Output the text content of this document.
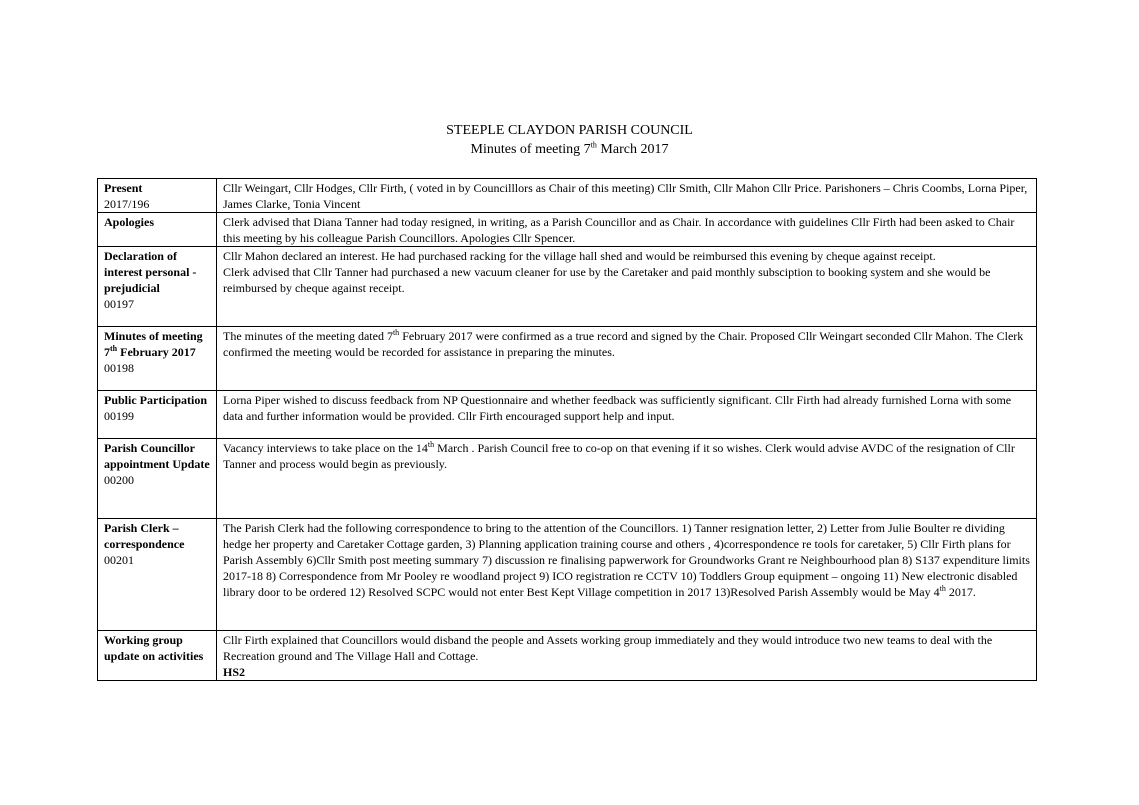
STEEPLE CLAYDON PARISH COUNCIL
Minutes of meeting 7th March 2017
Present
2017/196	Cllr Weingart, Cllr Hodges, Cllr Firth, ( voted in by Councilllors as Chair of this meeting) Cllr Smith, Cllr Mahon Cllr Price. Parishoners – Chris Coombs, Lorna Piper, James Clarke, Tonia Vincent

Apologies	Clerk advised that Diana Tanner had today resigned, in writing, as a Parish Councillor and as Chair. In accordance with guidelines Cllr Firth had been asked to Chair this meeting by his colleague Parish Councillors. Apologies Cllr Spencer.

Declaration of interest personal - prejudicial
00197	Cllr Mahon declared an interest. He had purchased racking for the village hall shed and would be reimbursed this evening by cheque against receipt.
Clerk advised that Cllr Tanner had purchased a new vacuum cleaner for use by the Caretaker and paid monthly subsciption to booking system and she would be reimbursed by cheque against receipt.

Minutes of meeting 7th February 2017
00198	The minutes of the meeting dated 7th February 2017 were confirmed as a true record and signed by the Chair. Proposed Cllr Weingart seconded Cllr Mahon. The Clerk confirmed the meeting would be recorded for assistance in preparing the minutes.

Public Participation
00199	Lorna Piper wished to discuss feedback from NP Questionnaire and whether feedback was sufficiently significant. Cllr Firth had already furnished Lorna with some data and further information would be provided. Cllr Firth encouraged support help and input.

Parish Councillor appointment Update
00200	Vacancy interviews to take place on the 14th March . Parish Council free to co-op on that evening if it so wishes. Clerk would advise AVDC of the resignation of Cllr Tanner and process would begin as previously.

Parish Clerk – correspondence
00201	The Parish Clerk had the following correspondence to bring to the attention of the Councillors. 1) Tanner resignation letter, 2) Letter from Julie Boulter re dividing hedge her property and Caretaker Cottage garden, 3) Planning application training course and others , 4)correspondence re tools for caretaker, 5) Cllr Firth plans for Parish Assembly 6)Cllr Smith post meeting summary 7) discussion re finalising papwerwork for Groundworks Grant re Neighbourhood plan 8) S137 expenditure limits 2017-18 8) Correspondence from Mr Pooley re woodland project 9) ICO registration re CCTV 10) Toddlers Group equipment – ongoing 11) New electronic disabled library door to be ordered 12) Resolved SCPC would not enter Best Kept Village competition in 2017 13)Resolved Parish Assembly would be May 4th 2017.

Working group update on activities	Cllr Firth explained that Councillors would disband the people and Assets working group immediately and they would introduce two new teams to deal with the Recreation ground and The Village Hall and Cottage.
HS2
